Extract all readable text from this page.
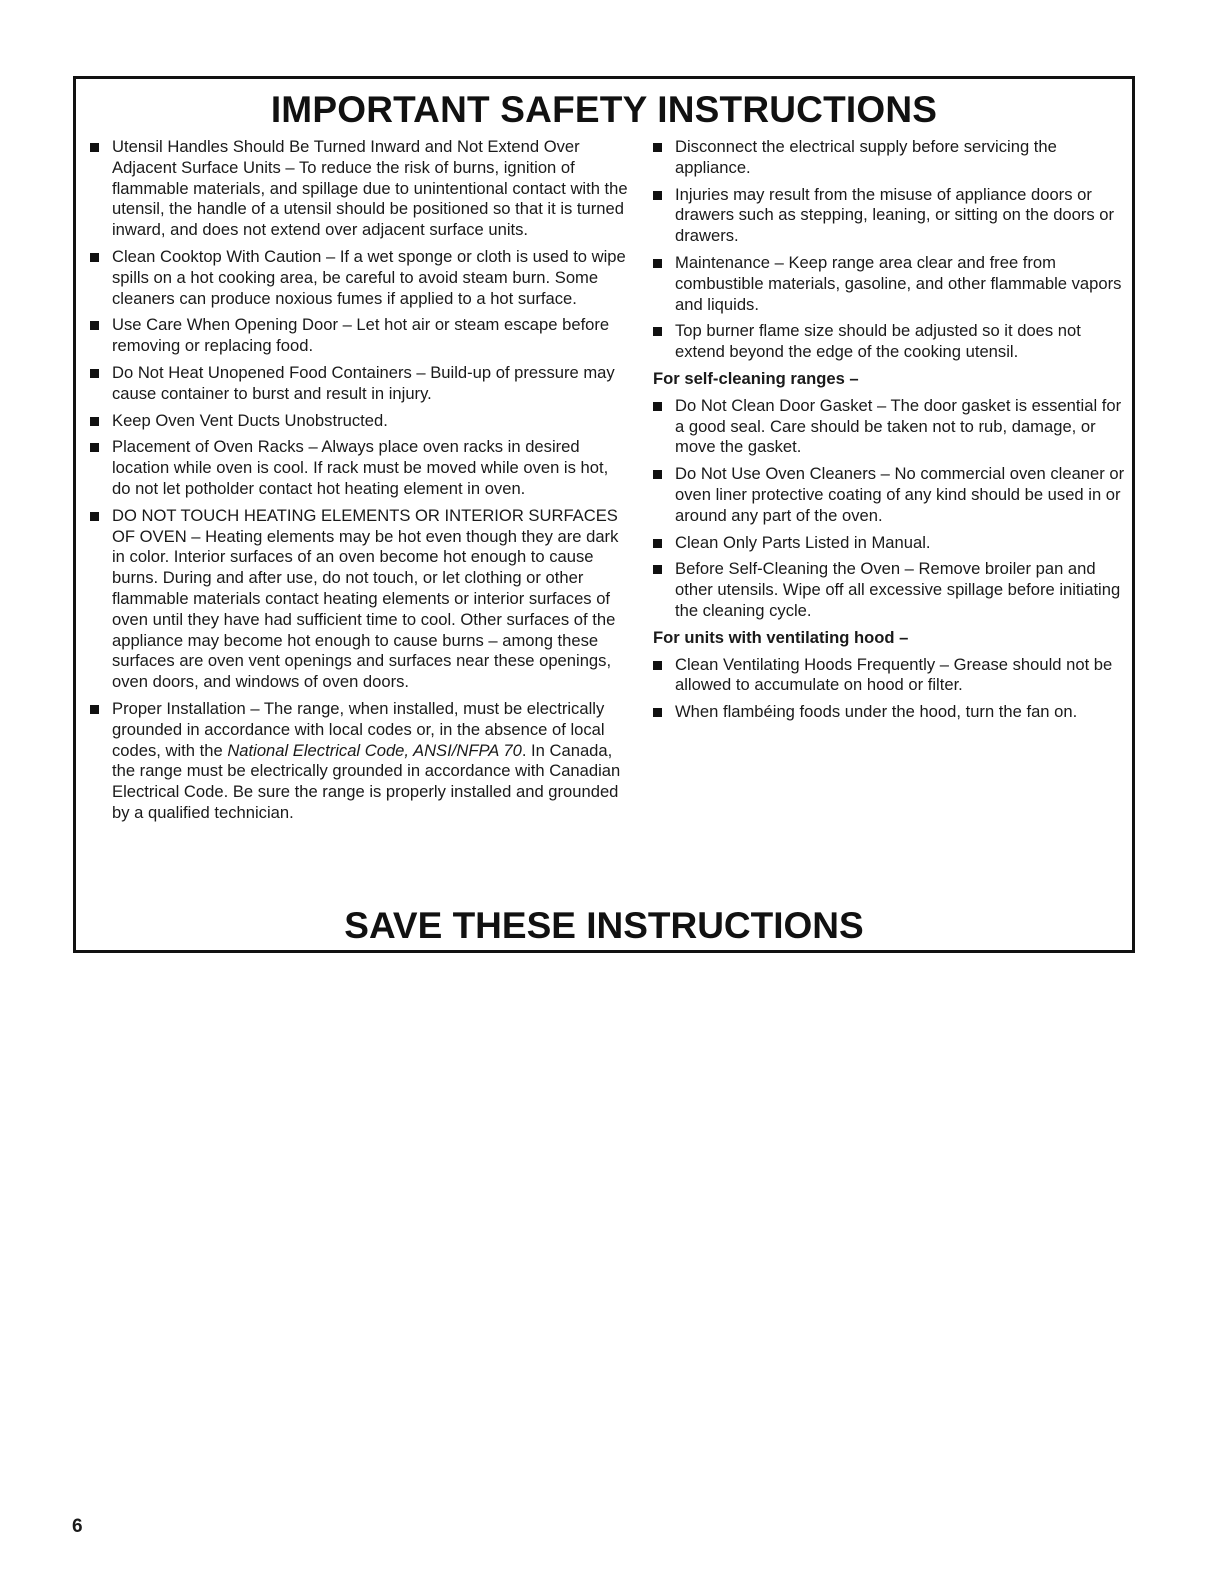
IMPORTANT SAFETY INSTRUCTIONS
Utensil Handles Should Be Turned Inward and Not Extend Over Adjacent Surface Units – To reduce the risk of burns, ignition of flammable materials, and spillage due to unintentional contact with the utensil, the handle of a utensil should be positioned so that it is turned inward, and does not extend over adjacent surface units.
Clean Cooktop With Caution – If a wet sponge or cloth is used to wipe spills on a hot cooking area, be careful to avoid steam burn. Some cleaners can produce noxious fumes if applied to a hot surface.
Use Care When Opening Door – Let hot air or steam escape before removing or replacing food.
Do Not Heat Unopened Food Containers – Build-up of pressure may cause container to burst and result in injury.
Keep Oven Vent Ducts Unobstructed.
Placement of Oven Racks – Always place oven racks in desired location while oven is cool. If rack must be moved while oven is hot, do not let potholder contact hot heating element in oven.
DO NOT TOUCH HEATING ELEMENTS OR INTERIOR SURFACES OF OVEN – Heating elements may be hot even though they are dark in color. Interior surfaces of an oven become hot enough to cause burns. During and after use, do not touch, or let clothing or other flammable materials contact heating elements or interior surfaces of oven until they have had sufficient time to cool. Other surfaces of the appliance may become hot enough to cause burns – among these surfaces are oven vent openings and surfaces near these openings, oven doors, and windows of oven doors.
Proper Installation – The range, when installed, must be electrically grounded in accordance with local codes or, in the absence of local codes, with the National Electrical Code, ANSI/NFPA 70. In Canada, the range must be electrically grounded in accordance with Canadian Electrical Code. Be sure the range is properly installed and grounded by a qualified technician.
Disconnect the electrical supply before servicing the appliance.
Injuries may result from the misuse of appliance doors or drawers such as stepping, leaning, or sitting on the doors or drawers.
Maintenance – Keep range area clear and free from combustible materials, gasoline, and other flammable vapors and liquids.
Top burner flame size should be adjusted so it does not extend beyond the edge of the cooking utensil.
For self-cleaning ranges –
Do Not Clean Door Gasket – The door gasket is essential for a good seal. Care should be taken not to rub, damage, or move the gasket.
Do Not Use Oven Cleaners – No commercial oven cleaner or oven liner protective coating of any kind should be used in or around any part of the oven.
Clean Only Parts Listed in Manual.
Before Self-Cleaning the Oven – Remove broiler pan and other utensils. Wipe off all excessive spillage before initiating the cleaning cycle.
For units with ventilating hood –
Clean Ventilating Hoods Frequently – Grease should not be allowed to accumulate on hood or filter.
When flambéing foods under the hood, turn the fan on.
SAVE THESE INSTRUCTIONS
6
